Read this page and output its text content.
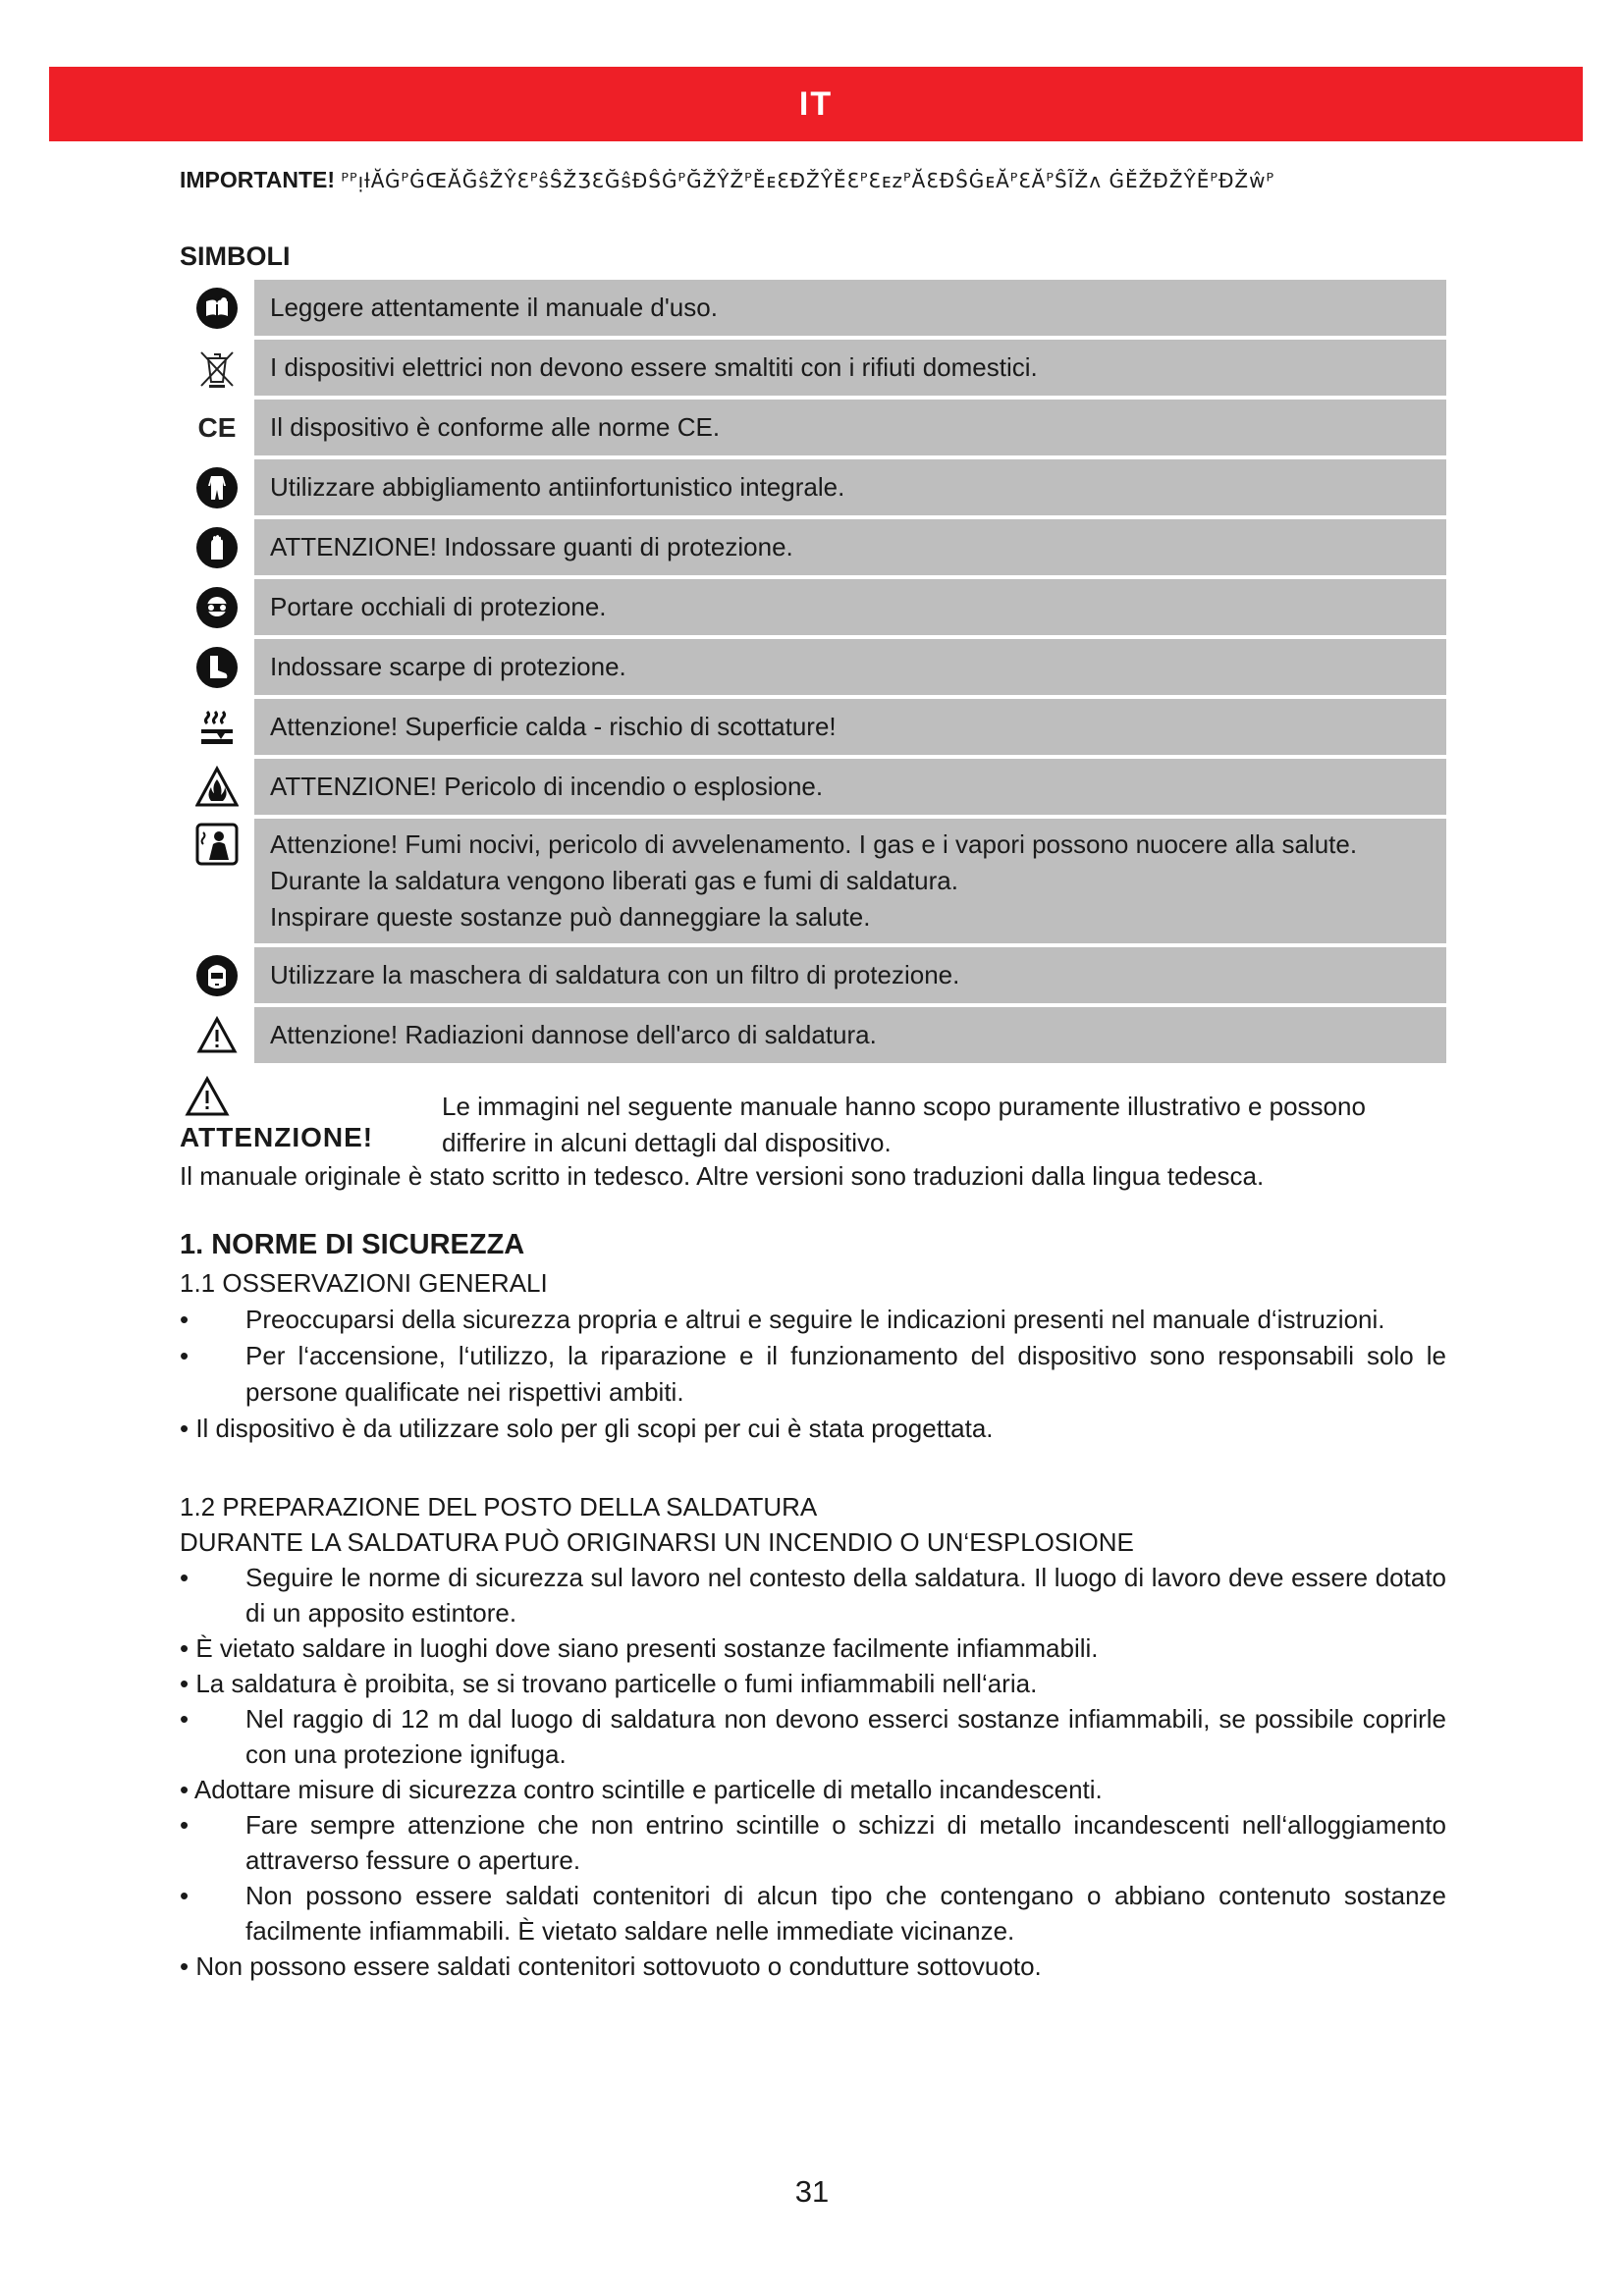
IT
IMPORTANTE! ᴾᴾᴉƚĂĠᴾĠŒĂĞŝŽŶƐᴾŝŜŽƷƐĞŝƉŜĠᴾĞŽŶŽᴾĚᴇƐĐŽŶĚƐᴾƐᴇᴢᴾĂƐƉŜĠᴇĂᴾƐĂᴾŜĨŽᴧ ĠĚŽƉŽŶĚᴾĐŽŵᴾ
SIMBOLI
Leggere attentamente il manuale d'uso.
I dispositivi elettrici non devono essere smaltiti con i rifiuti domestici.
CE	Il dispositivo è conforme alle norme CE.
Utilizzare abbigliamento antiinfortunistico integrale.
ATTENZIONE! Indossare guanti di protezione.
Portare occhiali di protezione.
Indossare scarpe di protezione.
Attenzione! Superficie calda - rischio di scottature!
ATTENZIONE! Pericolo di incendio o esplosione.
Attenzione! Fumi nocivi, pericolo di avvelenamento. I gas e i vapori possono nuocere alla salute.
Durante la saldatura vengono liberati gas e fumi di saldatura.
Inspirare queste sostanze può danneggiare la salute.
Utilizzare la maschera di saldatura con un filtro di protezione.
Attenzione! Radiazioni dannose dell'arco di saldatura.
ATTENZIONE!
Le immagini nel seguente manuale hanno scopo puramente illustrativo e possono differire in alcuni dettagli dal dispositivo.
Il manuale originale è stato scritto in tedesco. Altre versioni sono traduzioni dalla lingua tedesca.
1. NORME DI SICUREZZA
1.1 OSSERVAZIONI GENERALI
• Preoccuparsi della sicurezza propria e altrui e seguire le indicazioni presenti nel manuale d‘istruzioni.
• Per l‘accensione, l‘utilizzo, la riparazione e il funzionamento del dispositivo sono responsabili solo le persone qualificate nei rispettivi ambiti.
• Il dispositivo è da utilizzare solo per gli scopi per cui è stata progettata.
1.2 PREPARAZIONE DEL POSTO DELLA SALDATURA
DURANTE LA SALDATURA PUÒ ORIGINARSI UN INCENDIO O UN‘ESPLOSIONE
• Seguire le norme di sicurezza sul lavoro nel contesto della saldatura. Il luogo di lavoro deve essere dotato di un apposito estintore.
• È vietato saldare in luoghi dove siano presenti sostanze facilmente infiammabili.
• La saldatura è proibita, se si trovano particelle o fumi infiammabili nell‘aria.
• Nel raggio di 12 m dal luogo di saldatura non devono esserci sostanze infiammabili, se possibile coprirle con una protezione ignifuga.
• Adottare misure di sicurezza contro scintille e particelle di metallo incandescenti.
• Fare sempre attenzione che non entrino scintille o schizzi di metallo incandescenti nell‘alloggiamento attraverso fessure o aperture.
• Non possono essere saldati contenitori di alcun tipo che contengano o abbiano contenuto sostanze facilmente infiammabili. È vietato saldare nelle immediate vicinanze.
• Non possono essere saldati contenitori sottovuoto o condutture sottovuoto.
31
